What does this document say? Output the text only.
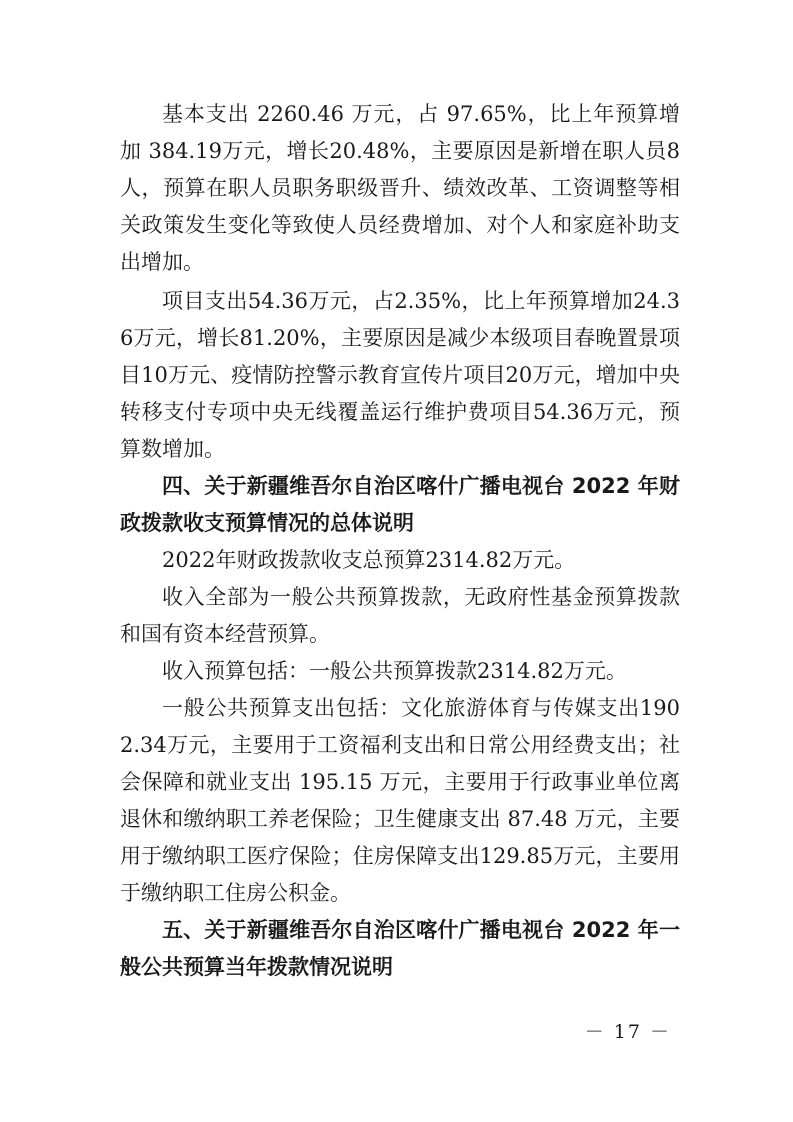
基本支出 2260.46 万元，占 97.65%，比上年预算增加 384.19万元，增长20.48%，主要原因是新增在职人员8人，预算在职人员职务职级晋升、绩效改革、工资调整等相关政策发生变化等致使人员经费增加、对个人和家庭补助支出增加。

项目支出54.36万元，占2.35%，比上年预算增加24.36万元，增长81.20%，主要原因是减少本级项目春晚置景项目10万元、疫情防控警示教育宣传片项目20万元，增加中央转移支付专项中央无线覆盖运行维护费项目54.36万元，预算数增加。

四、关于新疆维吾尔自治区喀什广播电视台 2022 年财政拨款收支预算情况的总体说明

2022年财政拨款收支总预算2314.82万元。

收入全部为一般公共预算拨款，无政府性基金预算拨款和国有资本经营预算。

收入预算包括：一般公共预算拨款2314.82万元。

一般公共预算支出包括：文化旅游体育与传媒支出1902.34万元，主要用于工资福利支出和日常公用经费支出；社会保障和就业支出 195.15 万元，主要用于行政事业单位离退休和缴纳职工养老保险；卫生健康支出 87.48 万元，主要用于缴纳职工医疗保险；住房保障支出129.85万元，主要用于缴纳职工住房公积金。

五、关于新疆维吾尔自治区喀什广播电视台 2022 年一般公共预算当年拨款情况说明

－ 17 －
